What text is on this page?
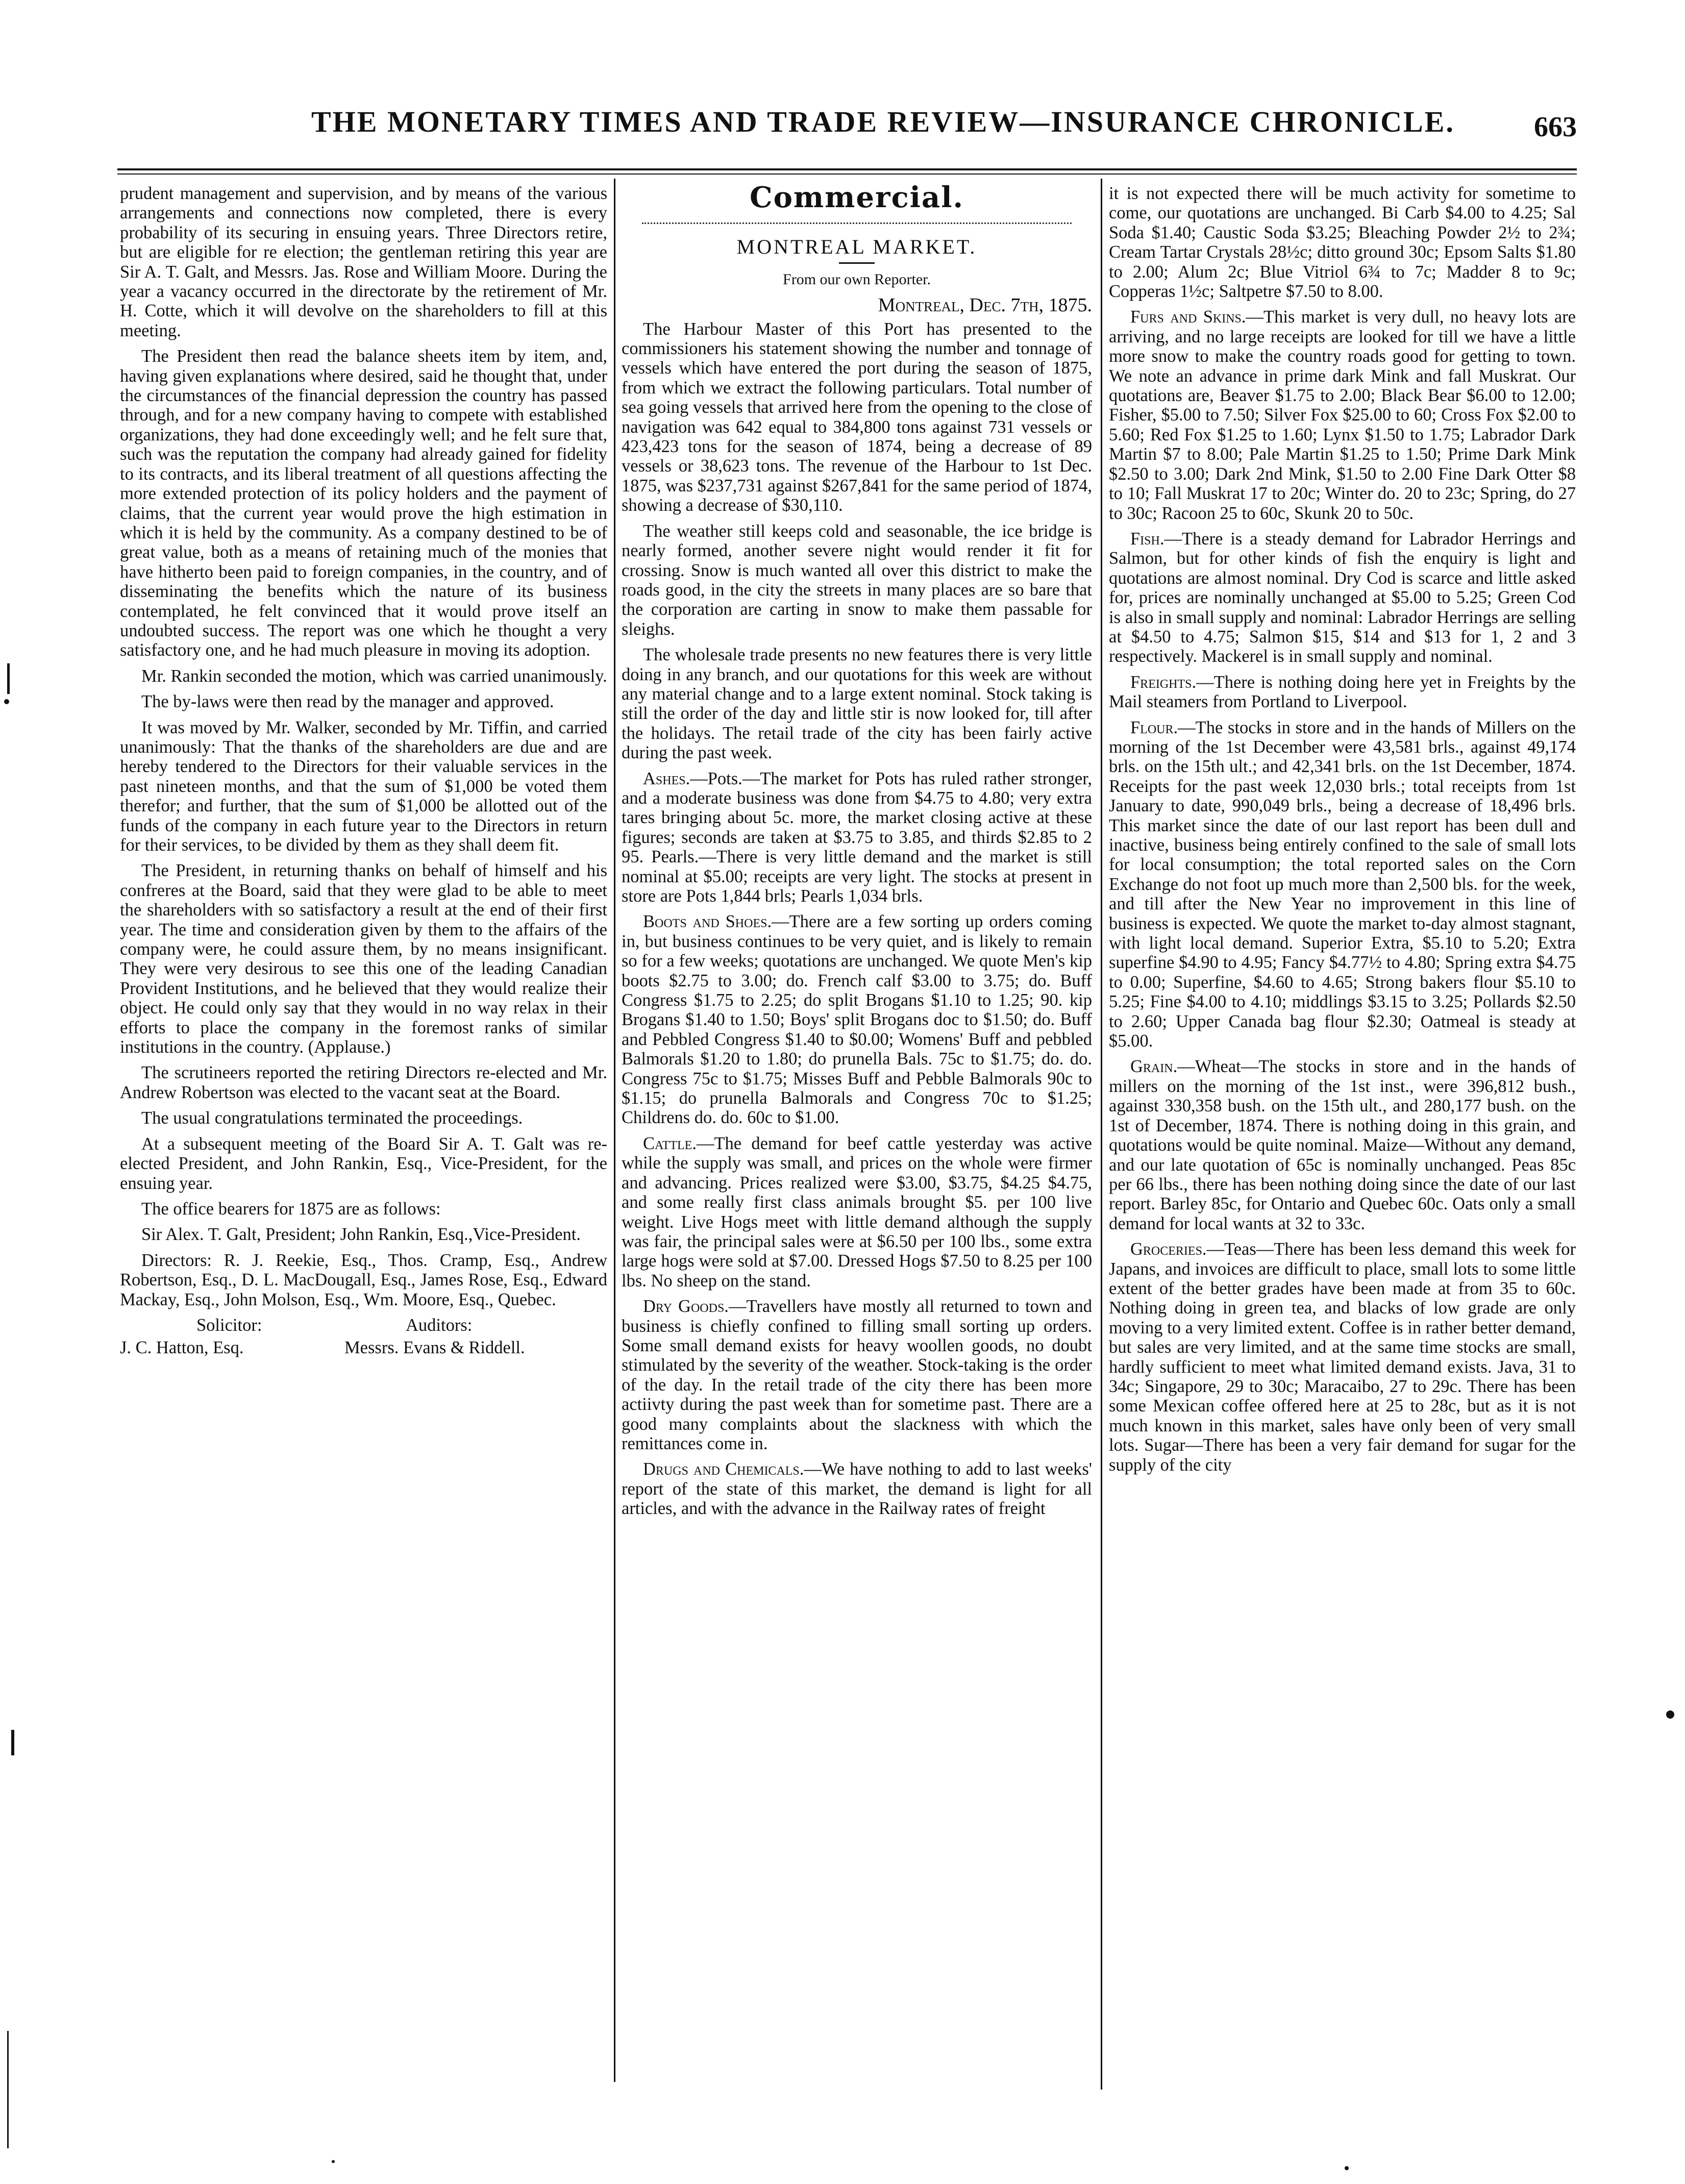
THE MONETARY TIMES AND TRADE REVIEW—INSURANCE CHRONICLE.	663

prudent management and supervision, and by means of the various arrangements and connections now completed, there is every probability of its securing in ensuing years. Three Directors retire, but are eligible for re election; the gentleman retiring this year are Sir A. T. Galt, and Messrs. Jas. Rose and William Moore. During the year a vacancy occurred in the directorate by the retirement of Mr. H. Cotte, which it will devolve on the shareholders to fill at this meeting.

The President then read the balance sheets item by item, and, having given explanations where desired, said he thought that, under the circumstances of the financial depression the country has passed through, and for a new company having to compete with established organizations, they had done exceedingly well; and he felt sure that, such was the reputation the company had already gained for fidelity to its contracts, and its liberal treatment of all questions affecting the more extended protection of its policy holders and the payment of claims, that the current year would prove the high estimation in which it is held by the community. As a company destined to be of great value, both as a means of retaining much of the monies that have hitherto been paid to foreign companies, in the country, and of disseminating the benefits which the nature of its business contemplated, he felt convinced that it would prove itself an undoubted success. The report was one which he thought a very satisfactory one, and he had much pleasure in moving its adoption.

Mr. Rankin seconded the motion, which was carried unanimously.

The by-laws were then read by the manager and approved.

It was moved by Mr. Walker, seconded by Mr. Tiffin, and carried unanimously: That the thanks of the shareholders are due and are hereby tendered to the Directors for their valuable services in the past nineteen months, and that the sum of $1,000 be voted them therefor; and further, that the sum of $1,000 be allotted out of the funds of the company in each future year to the Directors in return for their services, to be divided by them as they shall deem fit.

The President, in returning thanks on behalf of himself and his confreres at the Board, said that they were glad to be able to meet the shareholders with so satisfactory a result at the end of their first year. The time and consideration given by them to the affairs of the company were, he could assure them, by no means insignificant. They were very desirous to see this one of the leading Canadian Provident Institutions, and he believed that they would realize their object. He could only say that they would in no way relax in their efforts to place the company in the foremost ranks of similar institutions in the country. (Applause.)

The scrutineers reported the retiring Directors re-elected and Mr. Andrew Robertson was elected to the vacant seat at the Board.

The usual congratulations terminated the proceedings.

At a subsequent meeting of the Board Sir A. T. Galt was re-elected President, and John Rankin, Esq., Vice-President, for the ensuing year.

The office bearers for 1875 are as follows:

Sir Alex. T. Galt, President; John Rankin, Esq.,Vice-President.

Directors: R. J. Reekie, Esq., Thos. Cramp, Esq., Andrew Robertson, Esq., D. L. MacDougall, Esq., James Rose, Esq., Edward Mackay, Esq., John Molson, Esq., Wm. Moore, Esq., Quebec.

Solicitor:	Auditors:
J. C. Hatton, Esq.	Messrs. Evans & Riddell.
Commercial.
MONTREAL MARKET.
From our own Reporter.
Montreal, Dec. 7th, 1875.

The Harbour Master of this Port has presented to the commissioners his statement showing the number and tonnage of vessels which have entered the port during the season of 1875, from which we extract the following particulars. Total number of sea going vessels that arrived here from the opening to the close of navigation was 642 equal to 384,800 tons against 731 vessels or 423,423 tons for the season of 1874, being a decrease of 89 vessels or 38,623 tons. The revenue of the Harbour to 1st Dec. 1875, was $237,731 against $267,841 for the same period of 1874, showing a decrease of $30,110.

The weather still keeps cold and seasonable, the ice bridge is nearly formed, another severe night would render it fit for crossing. Snow is much wanted all over this district to make the roads good, in the city the streets in many places are so bare that the corporation are carting in snow to make them passable for sleighs.

The wholesale trade presents no new features there is very little doing in any branch, and our quotations for this week are without any material change and to a large extent nominal. Stock taking is still the order of the day and little stir is now looked for, till after the holidays. The retail trade of the city has been fairly active during the past week.

Ashes.—Pots.—The market for Pots has ruled rather stronger, and a moderate business was done from $4.75 to 4.80; very extra tares bringing about 5c. more, the market closing active at these figures; seconds are taken at $3.75 to 3.85, and thirds $2.85 to 2 95. Pearls.—There is very little demand and the market is still nominal at $5.00; receipts are very light. The stocks at present in store are Pots 1,844 brls; Pearls 1,034 brls.

Boots and Shoes.—There are a few sorting up orders coming in, but business continues to be very quiet, and is likely to remain so for a few weeks; quotations are unchanged. We quote Men's kip boots $2.75 to 3.00; do. French calf $3.00 to 3.75; do. Buff Congress $1.75 to 2.25; do split Brogans $1.10 to 1.25; 90. kip Brogans $1.40 to 1.50; Boys' split Brogans doc to $1.50; do. Buff and Pebbled Congress $1.40 to $0.00; Womens' Buff and pebbled Balmorals $1.20 to 1.80; do prunella Bals. 75c to $1.75; do. do. Congress 75c to $1.75; Misses Buff and Pebble Balmorals 90c to $1.15; do prunella Balmorals and Congress 70c to $1.25; Childrens do. do. 60c to $1.00.

Cattle.—The demand for beef cattle yesterday was active while the supply was small, and prices on the whole were firmer and advancing. Prices realized were $3.00, $3.75, $4.25 $4.75, and some really first class animals brought $5. per 100 live weight. Live Hogs meet with little demand although the supply was fair, the principal sales were at $6.50 per 100 lbs., some extra large hogs were sold at $7.00. Dressed Hogs $7.50 to 8.25 per 100 lbs. No sheep on the stand.

Dry Goods.—Travellers have mostly all returned to town and business is chiefly confined to filling small sorting up orders. Some small demand exists for heavy woollen goods, no doubt stimulated by the severity of the weather. Stock-taking is the order of the day. In the retail trade of the city there has been more actiivty during the past week than for sometime past. There are a good many complaints about the slackness with which the remittances come in.

Drugs and Chemicals.—We have nothing to add to last weeks' report of the state of this market, the demand is light for all articles, and with the advance in the Railway rates of freight

it is not expected there will be much activity for sometime to come, our quotations are unchanged. Bi Carb $4.00 to 4.25; Sal Soda $1.40; Caustic Soda $3.25; Bleaching Powder 2½ to 2¾; Cream Tartar Crystals 28½c; ditto ground 30c; Epsom Salts $1.80 to 2.00; Alum 2c; Blue Vitriol 6¾ to 7c; Madder 8 to 9c; Copperas 1½c; Saltpetre $7.50 to 8.00.

Furs and Skins.—This market is very dull, no heavy lots are arriving, and no large receipts are looked for till we have a little more snow to make the country roads good for getting to town. We note an advance in prime dark Mink and fall Muskrat. Our quotations are, Beaver $1.75 to 2.00; Black Bear $6.00 to 12.00; Fisher, $5.00 to 7.50; Silver Fox $25.00 to 60; Cross Fox $2.00 to 5.60; Red Fox $1.25 to 1.60; Lynx $1.50 to 1.75; Labrador Dark Martin $7 to 8.00; Pale Martin $1.25 to 1.50; Prime Dark Mink $2.50 to 3.00; Dark 2nd Mink, $1.50 to 2.00 Fine Dark Otter $8 to 10; Fall Muskrat 17 to 20c; Winter do. 20 to 23c; Spring, do 27 to 30c; Racoon 25 to 60c, Skunk 20 to 50c.

Fish.—There is a steady demand for Labrador Herrings and Salmon, but for other kinds of fish the enquiry is light and quotations are almost nominal. Dry Cod is scarce and little asked for, prices are nominally unchanged at $5.00 to 5.25; Green Cod is also in small supply and nominal: Labrador Herrings are selling at $4.50 to 4.75; Salmon $15, $14 and $13 for 1, 2 and 3 respectively. Mackerel is in small supply and nominal.

Freights.—There is nothing doing here yet in Freights by the Mail steamers from Portland to Liverpool.

Flour.—The stocks in store and in the hands of Millers on the morning of the 1st December were 43,581 brls., against 49,174 brls. on the 15th ult.; and 42,341 brls. on the 1st December, 1874. Receipts for the past week 12,030 brls.; total receipts from 1st January to date, 990,049 brls., being a decrease of 18,496 brls. This market since the date of our last report has been dull and inactive, business being entirely confined to the sale of small lots for local consumption; the total reported sales on the Corn Exchange do not foot up much more than 2,500 bls. for the week, and till after the New Year no improvement in this line of business is expected. We quote the market to-day almost stagnant, with light local demand. Superior Extra, $5.10 to 5.20; Extra superfine $4.90 to 4.95; Fancy $4.77½ to 4.80; Spring extra $4.75 to 0.00; Superfine, $4.60 to 4.65; Strong bakers flour $5.10 to 5.25; Fine $4.00 to 4.10; middlings $3.15 to 3.25; Pollards $2.50 to 2.60; Upper Canada bag flour $2.30; Oatmeal is steady at $5.00.

Grain.—Wheat—The stocks in store and in the hands of millers on the morning of the 1st inst., were 396,812 bush., against 330,358 bush. on the 15th ult., and 280,177 bush. on the 1st of December, 1874. There is nothing doing in this grain, and quotations would be quite nominal. Maize—Without any demand, and our late quotation of 65c is nominally unchanged. Peas 85c per 66 lbs., there has been nothing doing since the date of our last report. Barley 85c, for Ontario and Quebec 60c. Oats only a small demand for local wants at 32 to 33c.

Groceries.—Teas—There has been less demand this week for Japans, and invoices are difficult to place, small lots to some little extent of the better grades have been made at from 35 to 60c. Nothing doing in green tea, and blacks of low grade are only moving to a very limited extent. Coffee is in rather better demand, but sales are very limited, and at the same time stocks are small, hardly sufficient to meet what limited demand exists. Java, 31 to 34c; Singapore, 29 to 30c; Maracaibo, 27 to 29c. There has been some Mexican coffee offered here at 25 to 28c, but as it is not much known in this market, sales have only been of very small lots. Sugar—There has been a very fair demand for sugar for the supply of the city
